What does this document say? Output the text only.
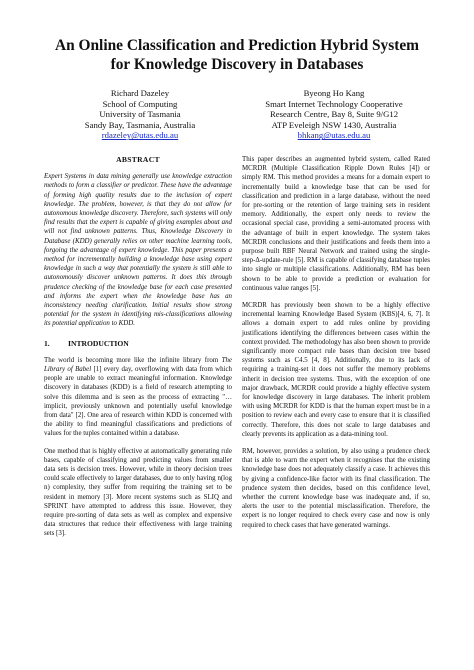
An Online Classification and Prediction Hybrid System
for Knowledge Discovery in Databases
Richard Dazeley
School of Computing
University of Tasmania
Sandy Bay, Tasmania, Australia
rdazeley@utas.edu.au
Byeong Ho Kang
Smart Internet Technology Cooperative
Research Centre, Bay 8, Suite 9/G12
ATP Eveleigh NSW 1430, Australia
bhkang@utas.edu.au
ABSTRACT

Expert Systems in data mining generally use knowledge extraction methods to form a classifier or predictor. These have the advantage of forming high quality results due to the inclusion of expert knowledge. The problem, however, is that they do not allow for autonomous knowledge discovery. Therefore, such systems will only find results that the expert is capable of giving examples about and will not find unknown patterns. Thus, Knowledge Discovery in Database (KDD) generally relies on other machine learning tools, forgoing the advantage of expert knowledge. This paper presents a method for incrementally building a knowledge base using expert knowledge in such a way that potentially the system is still able to autonomously discover unknown patterns. It does this through prudence checking of the knowledge base for each case presented and informs the expert when the knowledge base has an inconsistency needing clarification. Initial results show strong potential for the system in identifying mis-classifications allowing its potential application to KDD.

1. INTRODUCTION

The world is becoming more like the infinite library from The Library of Babel [1] every day, overflowing with data from which people are unable to extract meaningful information. Knowledge discovery in databases (KDD) is a field of research attempting to solve this dilemma and is seen as the process of extracting "…implicit, previously unknown and potentially useful knowledge from data" [2]. One area of research within KDD is concerned with the ability to find meaningful classifications and predictions of values for the tuples contained within a database.

One method that is highly effective at automatically generating rule bases, capable of classifying and predicting values from smaller data sets is decision trees. However, while in theory decision trees could scale effectively to larger databases, due to only having n(log n) complexity, they suffer from requiring the training set to be resident in memory [3]. More recent systems such as SLIQ and SPRINT have attempted to address this issue. However, they require pre-sorting of data sets as well as complex and expensive data structures that reduce their effectiveness with large training sets [3].

This paper describes an augmented hybrid system, called Rated MCRDR (Multiple Classification Ripple Down Rules [4]) or simply RM. This method provides a means for a domain expert to incrementally build a knowledge base that can be used for classification and prediction in a large database, without the need for pre-sorting or the retention of large training sets in resident memory. Additionally, the expert only needs to review the occasional special case, providing a semi-automated process with the advantage of built in expert knowledge. The system takes MCRDR conclusions and their justifications and feeds them into a purpose built RBF Neural Network and trained using the single-step-Δ-update-rule [5]. RM is capable of classifying database tuples into single or multiple classifications. Additionally, RM has been shown to be able to provide a prediction or evaluation for continuous value ranges [5].

MCRDR has previously been shown to be a highly effective incremental learning Knowledge Based System (KBS)[4, 6, 7]. It allows a domain expert to add rules online by providing justifications identifying the differences between cases within the context provided. The methodology has also been shown to provide significantly more compact rule bases than decision tree based systems such as C4.5 [4, 8]. Additionally, due to its lack of requiring a training-set it does not suffer the memory problems inherit in decision tree systems. Thus, with the exception of one major drawback, MCRDR could provide a highly effective system for knowledge discovery in large databases. The inherit problem with using MCRDR for KDD is that the human expert must be in a position to review each and every case to ensure that it is classified correctly. Therefore, this does not scale to large databases and clearly prevents its application as a data-mining tool.

RM, however, provides a solution, by also using a prudence check that is able to warn the expert when it recognises that the existing knowledge base does not adequately classify a case. It achieves this by giving a confidence-like factor with its final classification. The prudence system then decides, based on this confidence level, whether the current knowledge base was inadequate and, if so, alerts the user to the potential misclassification. Therefore, the expert is no longer required to check every case and now is only required to check cases that have generated warnings.
